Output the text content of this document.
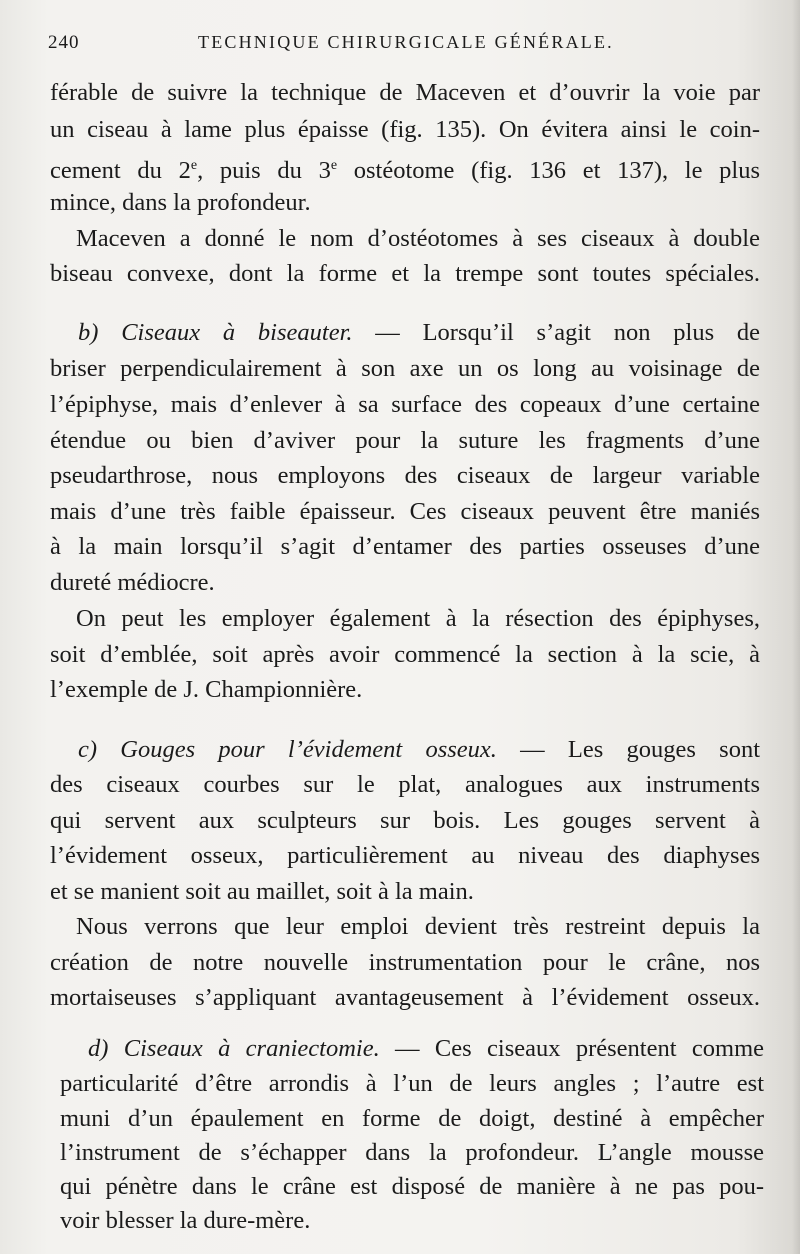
240	TECHNIQUE CHIRURGICALE GÉNÉRALE.
férable de suivre la technique de Maceven et d’ouvrir la voie par
un ciseau à lame plus épaisse (fig. 135). On évitera ainsi le coin-
cement du 2e, puis du 3e ostéotome (fig. 136 et 137), le plus
mince, dans la profondeur.
Maceven a donné le nom d’ostéotomes à ses ciseaux à double
biseau convexe, dont la forme et la trempe sont toutes spéciales.
b) Ciseaux à biseauter. — Lorsqu’il s’agit non plus de
briser perpendiculairement à son axe un os long au voisinage de
l’épiphyse, mais d’enlever à sa surface des copeaux d’une certaine
étendue ou bien d’aviver pour la suture les fragments d’une
pseudarthrose, nous employons des ciseaux de largeur variable
mais d’une très faible épaisseur. Ces ciseaux peuvent être maniés
à la main lorsqu’il s’agit d’entamer des parties osseuses d’une
dureté médiocre.
On peut les employer également à la résection des épiphyses,
soit d’emblée, soit après avoir commencé la section à la scie, à
l’exemple de J. Championnière.
c) Gouges pour l’évidement osseux. — Les gouges sont
des ciseaux courbes sur le plat, analogues aux instruments
qui servent aux sculpteurs sur bois. Les gouges servent à
l’évidement osseux, particulièrement au niveau des diaphyses
et se manient soit au maillet, soit à la main.
Nous verrons que leur emploi devient très restreint depuis la
création de notre nouvelle instrumentation pour le crâne, nos
mortaiseuses s’appliquant avantageusement à l’évidement osseux.
d) Ciseaux à craniectomie. — Ces ciseaux présentent comme
particularité d’être arrondis à l’un de leurs angles ; l’autre est
muni d’un épaulement en forme de doigt, destiné à empêcher
l’instrument de s’échapper dans la profondeur. L’angle mousse
qui pénètre dans le crâne est disposé de manière à ne pas pou-
voir blesser la dure-mère.
